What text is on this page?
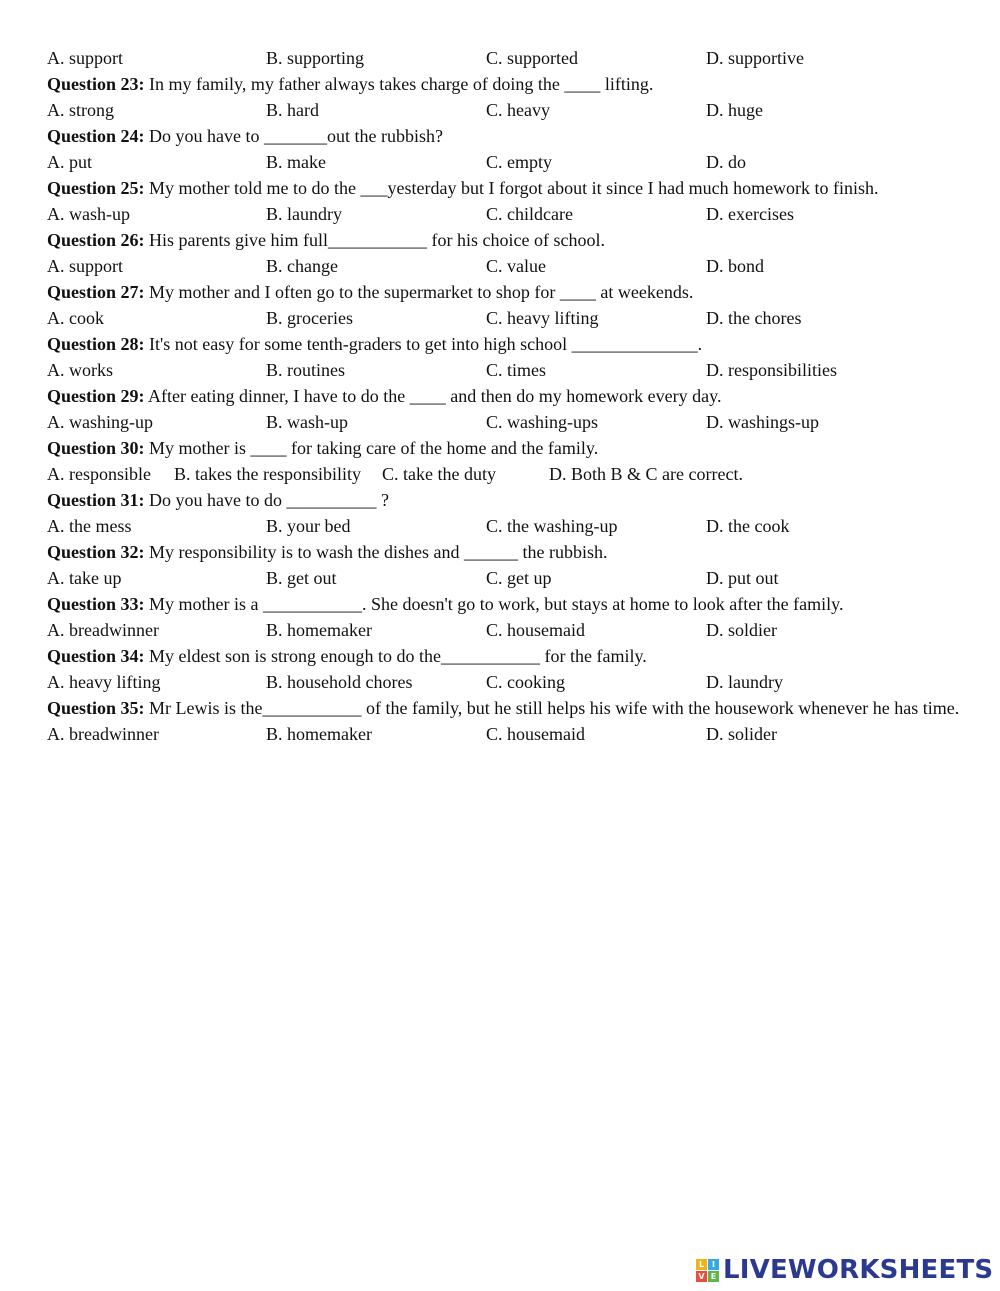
A. support	B. supporting	C. supported	D. supportive
Question 23: In my family, my father always takes charge of doing the ____ lifting.
A. strong	B. hard	C. heavy	D. huge
Question 24: Do you have to _______out the rubbish?
A. put	B. make	C. empty	D. do
Question 25: My mother told me to do the ___yesterday but I forgot about it since I had much homework to finish.
A. wash-up	B. laundry	C. childcare	D. exercises
Question 26: His parents give him full___________ for his choice of school.
A. support	B. change	C. value	D. bond
Question 27: My mother and I often go to the supermarket to shop for ____ at weekends.
A. cook	B. groceries	C. heavy lifting	D. the chores
Question 28: It's not easy for some tenth-graders to get into high school ______________.
A. works	B. routines	C. times	D. responsibilities
Question 29: After eating dinner, I have to do the ____ and then do my homework every day.
A. washing-up	B. wash-up	C. washing-ups	D. washings-up
Question 30: My mother is ____ for taking care of the home and the family.
A. responsible B. takes the responsibility C. take the duty	D. Both B & C are correct.
Question 31: Do you have to do __________ ?
A. the mess	B. your bed	C. the washing-up	D. the cook
Question 32: My responsibility is to wash the dishes and ______ the rubbish.
A. take up	B. get out	C. get up	D. put out
Question 33: My mother is a ___________. She doesn't go to work, but stays at home to look after the family.
A. breadwinner	B. homemaker	C. housemaid	D. soldier
Question 34: My eldest son is strong enough to do the___________ for the family.
A. heavy lifting	B. household chores	C. cooking	D. laundry
Question 35: Mr Lewis is the___________ of the family, but he still helps his wife with the housework whenever he has time.
A. breadwinner	B. homemaker	C. housemaid	D. solider
L I
V E LIVEWORKSHEETS
